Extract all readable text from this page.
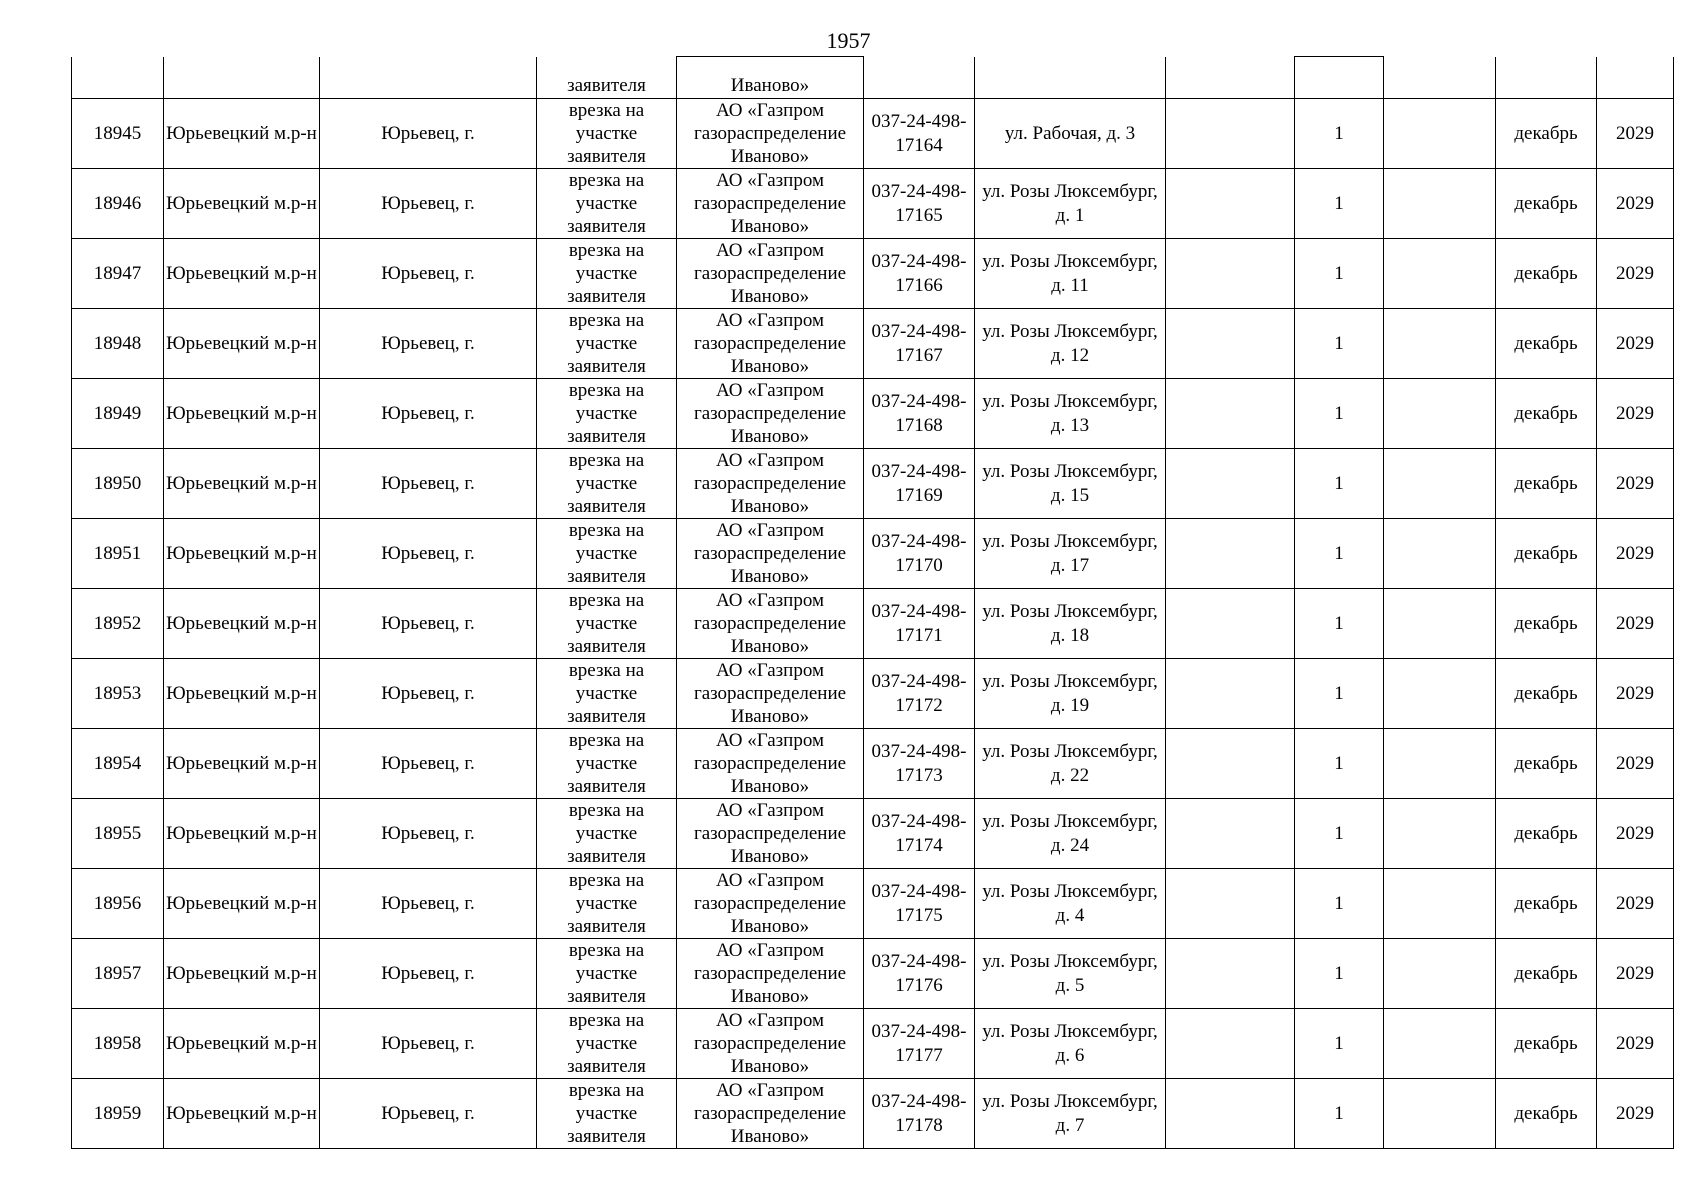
1957
			заявителя	Иваново»							
18945	Юрьевецкий м.р-н	Юрьевец, г.	врезка на участке заявителя	АО «Газпром газораспределение Иваново»	037-24-498-17164	ул. Рабочая, д. 3		1		декабрь	2029
18946	Юрьевецкий м.р-н	Юрьевец, г.	врезка на участке заявителя	АО «Газпром газораспределение Иваново»	037-24-498-17165	ул. Розы Люксембург, д. 1		1		декабрь	2029
18947	Юрьевецкий м.р-н	Юрьевец, г.	врезка на участке заявителя	АО «Газпром газораспределение Иваново»	037-24-498-17166	ул. Розы Люксембург, д. 11		1		декабрь	2029
18948	Юрьевецкий м.р-н	Юрьевец, г.	врезка на участке заявителя	АО «Газпром газораспределение Иваново»	037-24-498-17167	ул. Розы Люксембург, д. 12		1		декабрь	2029
18949	Юрьевецкий м.р-н	Юрьевец, г.	врезка на участке заявителя	АО «Газпром газораспределение Иваново»	037-24-498-17168	ул. Розы Люксембург, д. 13		1		декабрь	2029
18950	Юрьевецкий м.р-н	Юрьевец, г.	врезка на участке заявителя	АО «Газпром газораспределение Иваново»	037-24-498-17169	ул. Розы Люксембург, д. 15		1		декабрь	2029
18951	Юрьевецкий м.р-н	Юрьевец, г.	врезка на участке заявителя	АО «Газпром газораспределение Иваново»	037-24-498-17170	ул. Розы Люксембург, д. 17		1		декабрь	2029
18952	Юрьевецкий м.р-н	Юрьевец, г.	врезка на участке заявителя	АО «Газпром газораспределение Иваново»	037-24-498-17171	ул. Розы Люксембург, д. 18		1		декабрь	2029
18953	Юрьевецкий м.р-н	Юрьевец, г.	врезка на участке заявителя	АО «Газпром газораспределение Иваново»	037-24-498-17172	ул. Розы Люксембург, д. 19		1		декабрь	2029
18954	Юрьевецкий м.р-н	Юрьевец, г.	врезка на участке заявителя	АО «Газпром газораспределение Иваново»	037-24-498-17173	ул. Розы Люксембург, д. 22		1		декабрь	2029
18955	Юрьевецкий м.р-н	Юрьевец, г.	врезка на участке заявителя	АО «Газпром газораспределение Иваново»	037-24-498-17174	ул. Розы Люксембург, д. 24		1		декабрь	2029
18956	Юрьевецкий м.р-н	Юрьевец, г.	врезка на участке заявителя	АО «Газпром газораспределение Иваново»	037-24-498-17175	ул. Розы Люксембург, д. 4		1		декабрь	2029
18957	Юрьевецкий м.р-н	Юрьевец, г.	врезка на участке заявителя	АО «Газпром газораспределение Иваново»	037-24-498-17176	ул. Розы Люксембург, д. 5		1		декабрь	2029
18958	Юрьевецкий м.р-н	Юрьевец, г.	врезка на участке заявителя	АО «Газпром газораспределение Иваново»	037-24-498-17177	ул. Розы Люксембург, д. 6		1		декабрь	2029
18959	Юрьевецкий м.р-н	Юрьевец, г.	врезка на участке заявителя	АО «Газпром газораспределение Иваново»	037-24-498-17178	ул. Розы Люксембург, д. 7		1		декабрь	2029
